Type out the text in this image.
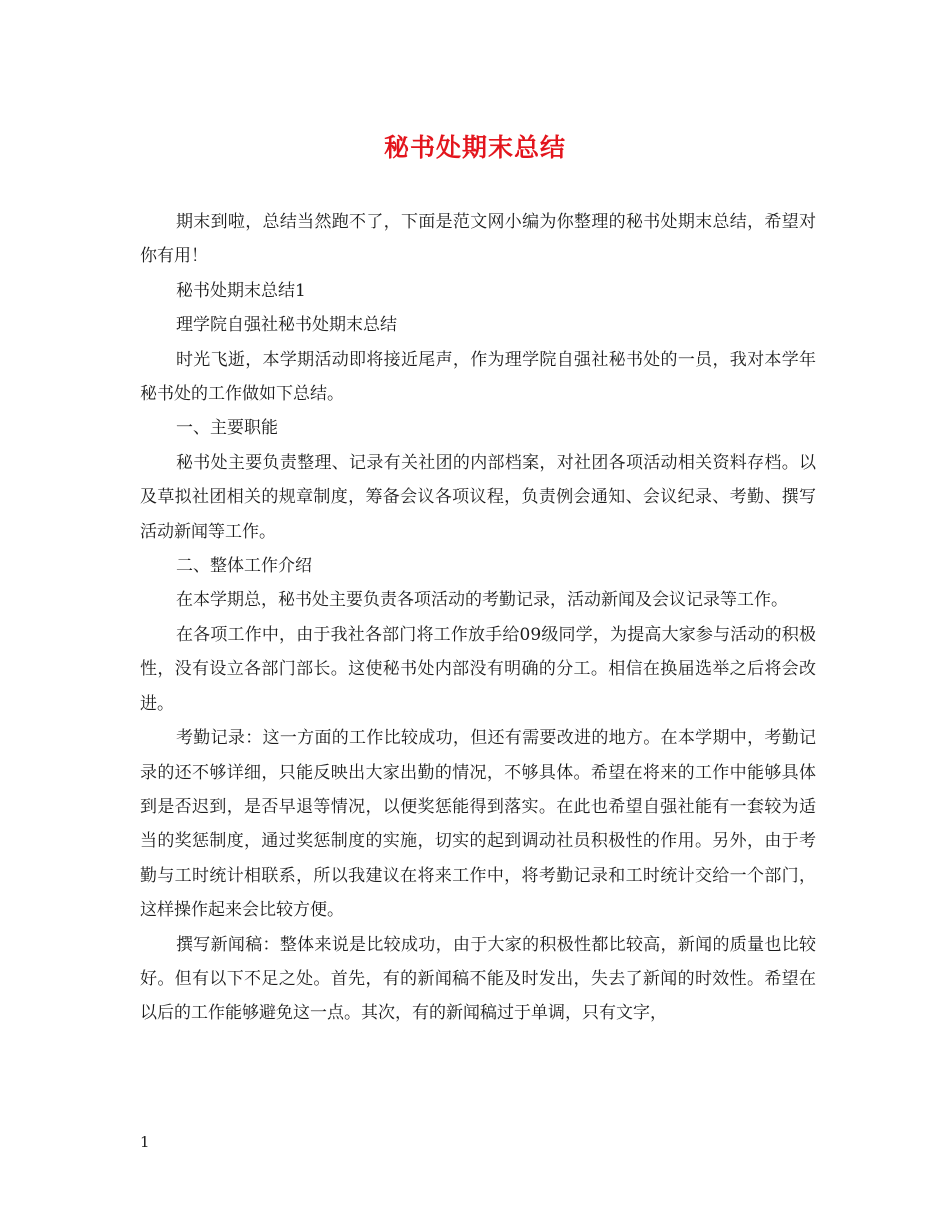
秘书处期末总结

期末到啦，总结当然跑不了，下面是范文网小编为你整理的秘书处期末总结，希望对你有用！

秘书处期末总结1

理学院自强社秘书处期末总结

时光飞逝，本学期活动即将接近尾声，作为理学院自强社秘书处的一员，我对本学年秘书处的工作做如下总结。

一、主要职能

秘书处主要负责整理、记录有关社团的内部档案，对社团各项活动相关资料存档。以及草拟社团相关的规章制度，筹备会议各项议程，负责例会通知、会议纪录、考勤、撰写活动新闻等工作。

二、整体工作介绍

在本学期总，秘书处主要负责各项活动的考勤记录，活动新闻及会议记录等工作。

在各项工作中，由于我社各部门将工作放手给09级同学，为提高大家参与活动的积极性，没有设立各部门部长。这使秘书处内部没有明确的分工。相信在换届选举之后将会改进。

考勤记录：这一方面的工作比较成功，但还有需要改进的地方。在本学期中，考勤记录的还不够详细，只能反映出大家出勤的情况，不够具体。希望在将来的工作中能够具体到是否迟到，是否早退等情况，以便奖惩能得到落实。在此也希望自强社能有一套较为适当的奖惩制度，通过奖惩制度的实施，切实的起到调动社员积极性的作用。另外，由于考勤与工时统计相联系，所以我建议在将来工作中，将考勤记录和工时统计交给一个部门，这样操作起来会比较方便。

撰写新闻稿：整体来说是比较成功，由于大家的积极性都比较高，新闻的质量也比较好。但有以下不足之处。首先，有的新闻稿不能及时发出，失去了新闻的时效性。希望在以后的工作能够避免这一点。其次，有的新闻稿过于单调，只有文字，

1
